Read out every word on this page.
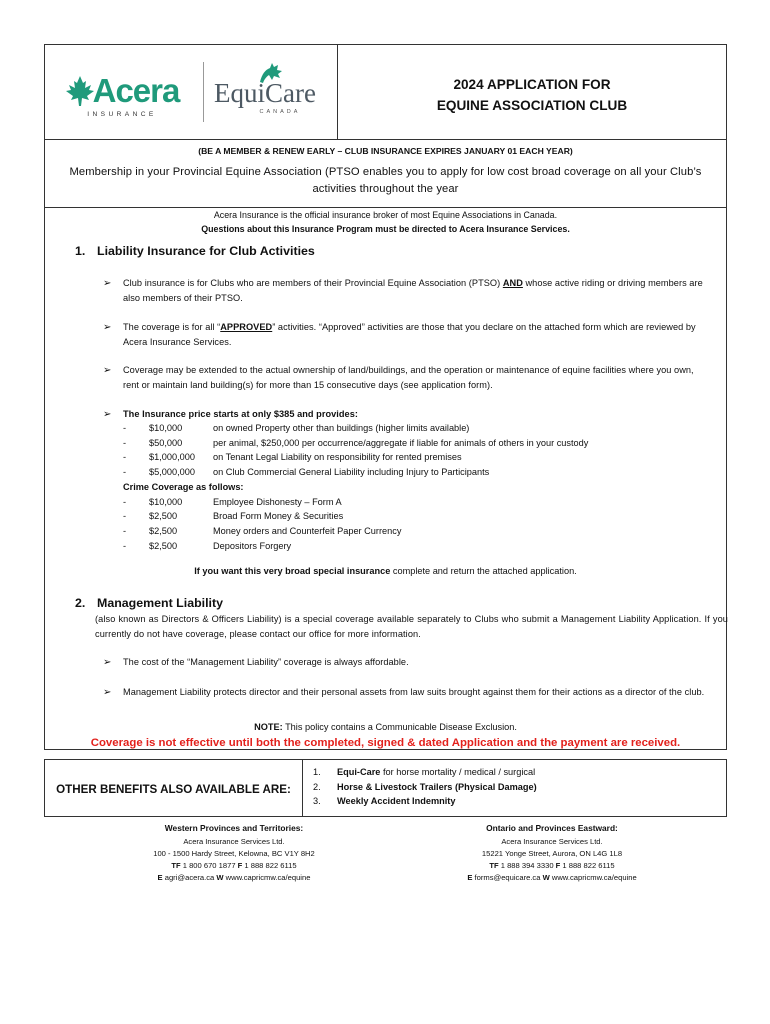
Acera
INSURANCE
EquiCare
CANADA
2024 APPLICATION FOR
EQUINE ASSOCIATION CLUB
(BE A MEMBER & RENEW EARLY – CLUB INSURANCE EXPIRES JANUARY 01 EACH YEAR)
Membership in your Provincial Equine Association (PTSO enables you to apply for low cost broad coverage on all your Club’s activities throughout the year
Acera Insurance is the official insurance broker of most Equine Associations in Canada.
Questions about this Insurance Program must be directed to Acera Insurance Services.
1. Liability Insurance for Club Activities
➢ Club insurance is for Clubs who are members of their Provincial Equine Association (PTSO) AND whose active riding or driving members are also members of their PTSO.
➢ The coverage is for all “APPROVED” activities. “Approved” activities are those that you declare on the attached form which are reviewed by Acera Insurance Services.
➢ Coverage may be extended to the actual ownership of land/buildings, and the operation or maintenance of equine facilities where you own, rent or maintain land building(s) for more than 15 consecutive days (see application form).
➢ The Insurance price starts at only $385 and provides:
-	$10,000	on owned Property other than buildings (higher limits available)
-	$50,000	per animal, $250,000 per occurrence/aggregate if liable for animals of others in your custody
-	$1,000,000	on Tenant Legal Liability on responsibility for rented premises
-	$5,000,000	on Club Commercial General Liability including Injury to Participants
Crime Coverage as follows:
-	$10,000	Employee Dishonesty – Form A
-	$2,500	Broad Form Money & Securities
-	$2,500	Money orders and Counterfeit Paper Currency
-	$2,500	Depositors Forgery
If you want this very broad special insurance complete and return the attached application.
2. Management Liability
(also known as Directors & Officers Liability) is a special coverage available separately to Clubs who submit a Management Liability Application. If you currently do not have coverage, please contact our office for more information.
➢ The cost of the “Management Liability” coverage is always affordable.
➢ Management Liability protects director and their personal assets from law suits brought against them for their actions as a director of the club.
NOTE: This policy contains a Communicable Disease Exclusion.
Coverage is not effective until both the completed, signed & dated Application and the payment are received.
OTHER BENEFITS ALSO AVAILABLE ARE:
1.	Equi-Care for horse mortality / medical / surgical
2.	Horse & Livestock Trailers (Physical Damage)
3.	Weekly Accident Indemnity
Western Provinces and Territories:
Acera Insurance Services Ltd.
100 - 1500 Hardy Street, Kelowna, BC V1Y 8H2
TF 1 800 670 1877 F 1 888 822 6115
E agri@acera.ca W www.capricmw.ca/equine
Ontario and Provinces Eastward:
Acera Insurance Services Ltd.
15221 Yonge Street, Aurora, ON L4G 1L8
TF 1 888 394 3330 F 1 888 822 6115
E forms@equicare.ca W www.capricmw.ca/equine
